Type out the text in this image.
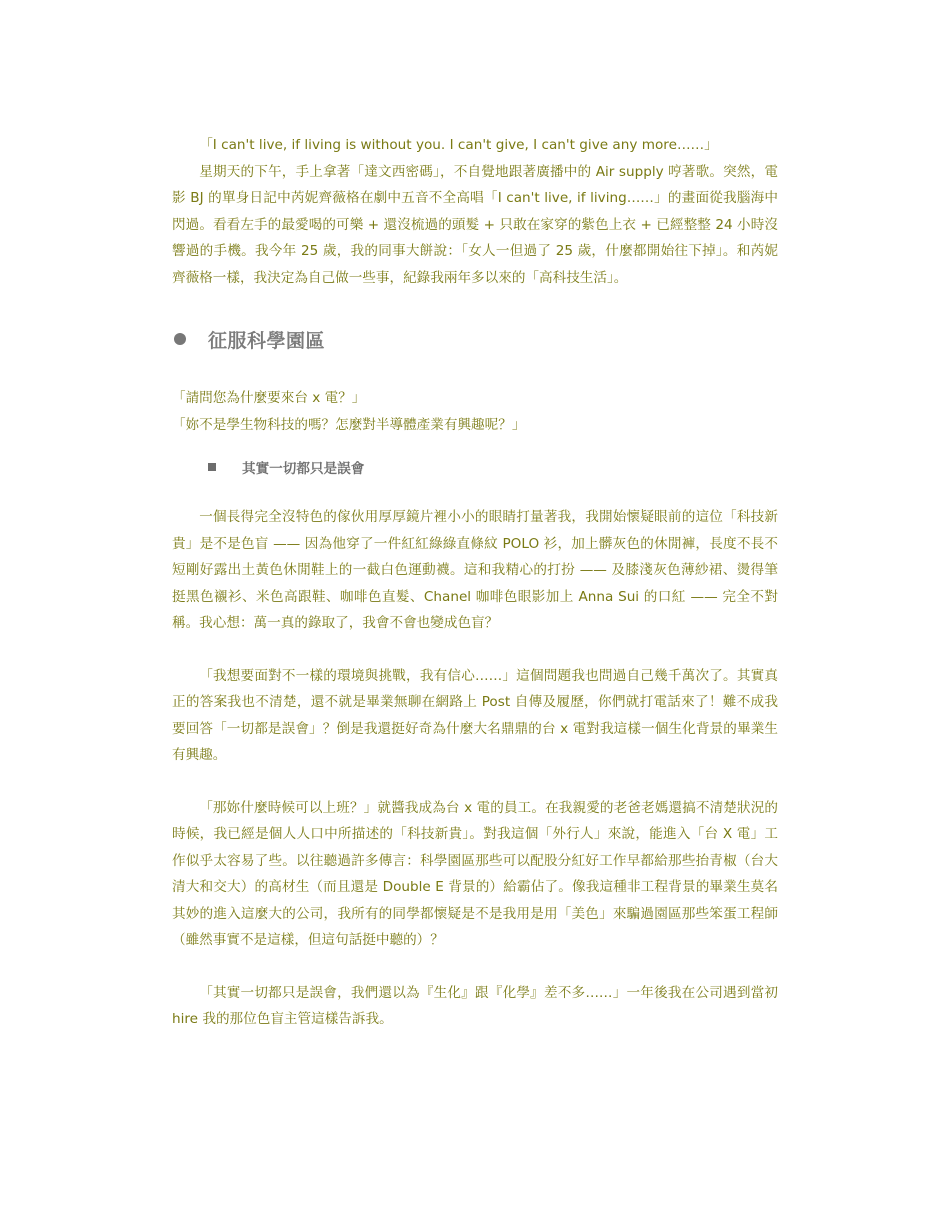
「I can't live, if living is without you. I can't give, I can't give any more……」

星期天的下午，手上拿著「達文西密碼」，不自覺地跟著廣播中的 Air supply 哼著歌。突然，電影 BJ 的單身日記中芮妮齊薇格在劇中五音不全高唱「I can't live, if living……」的畫面從我腦海中閃過。看看左手的最愛喝的可樂 + 還沒梳過的頭髮 + 只敢在家穿的紫色上衣 + 已經整整 24 小時沒響過的手機。我今年 25 歲，我的同事大餅說：「女人一但過了 25 歲，什麼都開始往下掉」。和芮妮齊薇格一樣，我決定為自己做一些事，紀錄我兩年多以來的「高科技生活」。

征服科學園區

「請問您為什麼要來台 x 電？」

「妳不是學生物科技的嗎？怎麼對半導體產業有興趣呢？」

其實一切都只是誤會

一個長得完全沒特色的傢伙用厚厚鏡片裡小小的眼睛打量著我，我開始懷疑眼前的這位「科技新貴」是不是色盲 —— 因為他穿了一件紅紅綠綠直條紋 POLO 衫，加上髒灰色的休閒褲，長度不長不短剛好露出土黃色休閒鞋上的一截白色運動襪。這和我精心的打扮 —— 及膝淺灰色薄紗裙、燙得筆挺黑色襯衫、米色高跟鞋、咖啡色直髮、Chanel 咖啡色眼影加上 Anna Sui 的口紅 —— 完全不對稱。我心想：萬一真的錄取了，我會不會也變成色盲？

「我想要面對不一樣的環境與挑戰，我有信心……」這個問題我也問過自己幾千萬次了。其實真正的答案我也不清楚，還不就是畢業無聊在網路上 Post 自傳及履歷，你們就打電話來了！難不成我要回答「一切都是誤會」？倒是我還挺好奇為什麼大名鼎鼎的台 x 電對我這樣一個生化背景的畢業生有興趣。

「那妳什麼時候可以上班？」就醬我成為台 x 電的員工。在我親愛的老爸老媽還搞不清楚狀況的時候，我已經是個人人口中所描述的「科技新貴」。對我這個「外行人」來說，能進入「台 X 電」工作似乎太容易了些。以往聽過許多傳言：科學園區那些可以配股分紅好工作早都給那些抬青椒（台大清大和交大）的高材生（而且還是 Double E 背景的）給霸佔了。像我這種非工程背景的畢業生莫名其妙的進入這麼大的公司，我所有的同學都懷疑是不是我用是用「美色」來騙過園區那些笨蛋工程師（雖然事實不是這樣，但這句話挺中聽的）？

「其實一切都只是誤會，我們還以為『生化』跟『化學』差不多……」一年後我在公司遇到當初 hire 我的那位色盲主管這樣告訴我。
